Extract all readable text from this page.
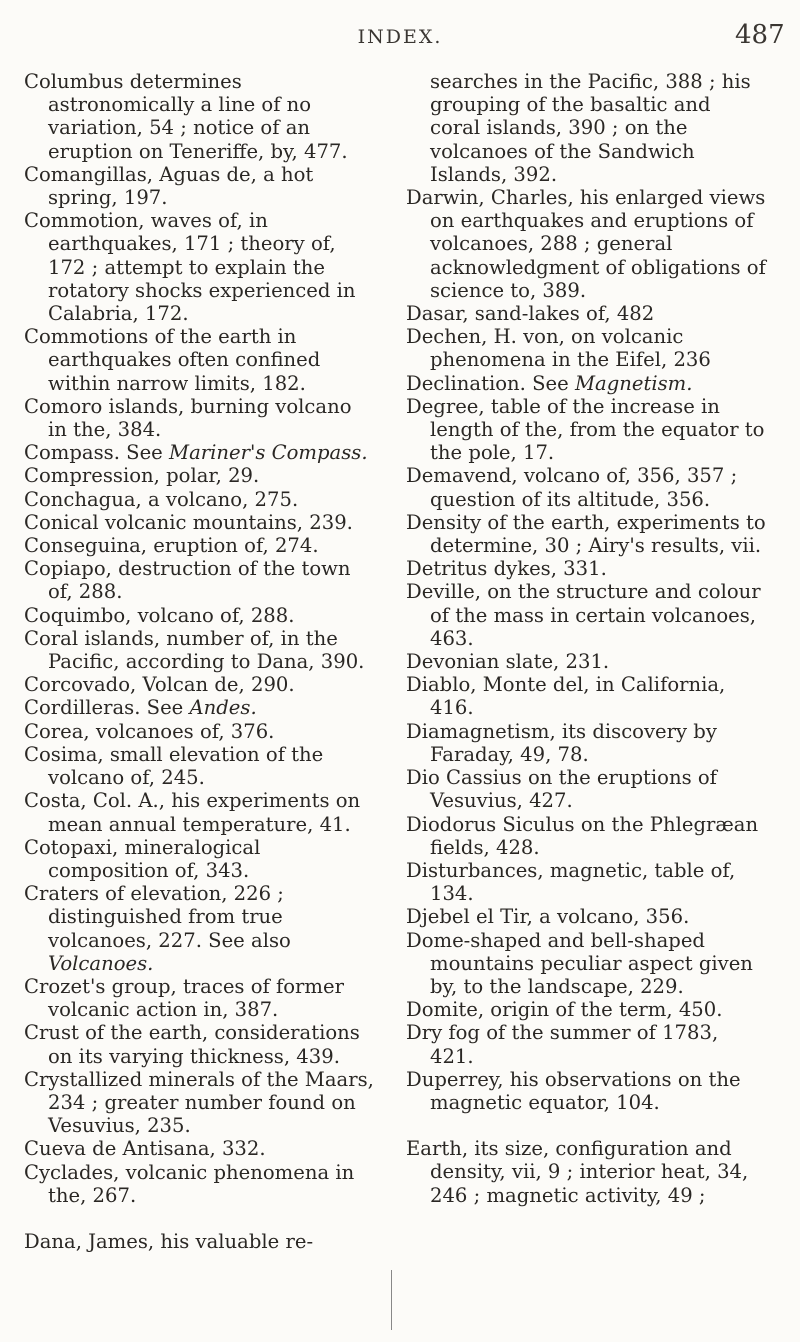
INDEX.	487

Columbus determines astronomically a line of no variation, 54 ; notice of an eruption on Teneriffe, by, 477.

Comangillas, Aguas de, a hot spring, 197.

Commotion, waves of, in earthquakes, 171 ; theory of, 172 ; attempt to explain the rotatory shocks experienced in Calabria, 172.

Commotions of the earth in earthquakes often confined within narrow limits, 182.

Comoro islands, burning volcano in the, 384.

Compass. See Mariner's Compass.

Compression, polar, 29.

Conchagua, a volcano, 275.

Conical volcanic mountains, 239.

Conseguina, eruption of, 274.

Copiapo, destruction of the town of, 288.

Coquimbo, volcano of, 288.

Coral islands, number of, in the Pacific, according to Dana, 390.

Corcovado, Volcan de, 290.

Cordilleras. See Andes.

Corea, volcanoes of, 376.

Cosima, small elevation of the volcano of, 245.

Costa, Col. A., his experiments on mean annual temperature, 41.

Cotopaxi, mineralogical composition of, 343.

Craters of elevation, 226 ; distinguished from true volcanoes, 227. See also Volcanoes.

Crozet's group, traces of former volcanic action in, 387.

Crust of the earth, considerations on its varying thickness, 439.

Crystallized minerals of the Maars, 234 ; greater number found on Vesuvius, 235.

Cueva de Antisana, 332.

Cyclades, volcanic phenomena in the, 267.

Dana, James, his valuable re-

searches in the Pacific, 388 ; his grouping of the basaltic and coral islands, 390 ; on the volcanoes of the Sandwich Islands, 392.

Darwin, Charles, his enlarged views on earthquakes and eruptions of volcanoes, 288 ; general acknowledgment of obligations of science to, 389.

Dasar, sand-lakes of, 482

Dechen, H. von, on volcanic phenomena in the Eifel, 236

Declination. See Magnetism.

Degree, table of the increase in length of the, from the equator to the pole, 17.

Demavend, volcano of, 356, 357 ; question of its altitude, 356.

Density of the earth, experiments to determine, 30 ; Airy's results, vii.

Detritus dykes, 331.

Deville, on the structure and colour of the mass in certain volcanoes, 463.

Devonian slate, 231.

Diablo, Monte del, in California, 416.

Diamagnetism, its discovery by Faraday, 49, 78.

Dio Cassius on the eruptions of Vesuvius, 427.

Diodorus Siculus on the Phlegræan fields, 428.

Disturbances, magnetic, table of, 134.

Djebel el Tir, a volcano, 356.

Dome-shaped and bell-shaped mountains peculiar aspect given by, to the landscape, 229.

Domite, origin of the term, 450.

Dry fog of the summer of 1783, 421.

Duperrey, his observations on the magnetic equator, 104.

Earth, its size, configuration and density, vii, 9 ; interior heat, 34, 246 ; magnetic activity, 49 ;
